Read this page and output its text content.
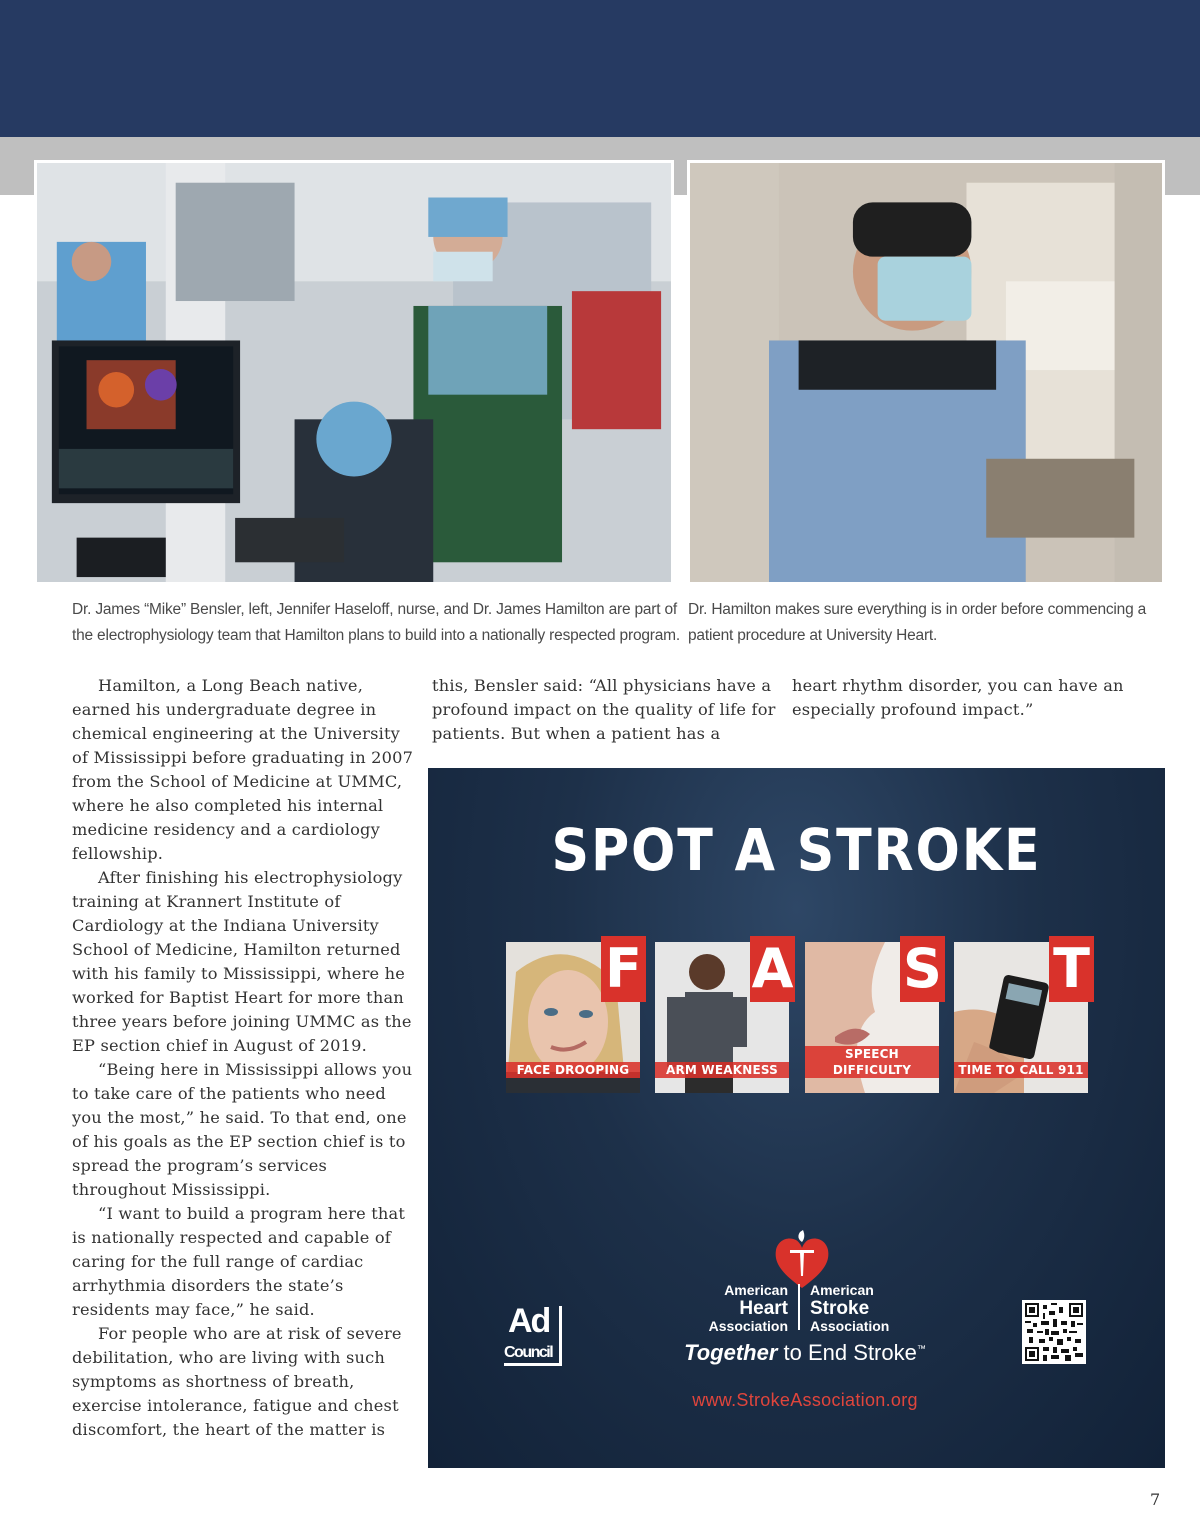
Dr. James “Mike” Bensler, left, Jennifer Haseloff, nurse, and Dr. James Hamilton are part of the electrophysiology team that Hamilton plans to build into a nationally respected program.
Dr. Hamilton makes sure everything is in order before commencing a patient procedure at University Heart.

Hamilton, a Long Beach native, earned his undergraduate degree in chemical engineering at the University of Mississippi before graduating in 2007 from the School of Medicine at UMMC, where he also completed his internal medicine residency and a cardiology fellowship.

After finishing his electrophysiology training at Krannert Institute of Cardiology at the Indiana University School of Medicine, Hamilton returned with his family to Mississippi, where he worked for Baptist Heart for more than three years before joining UMMC as the EP section chief in August of 2019.

“Being here in Mississippi allows you to take care of the patients who need you the most,” he said. To that end, one of his goals as the EP section chief is to spread the program’s services throughout Mississippi.

“I want to build a program here that is nationally respected and capable of caring for the full range of cardiac arrhythmia disorders the state’s residents may face,” he said.

For people who are at risk of severe debilitation, who are living with such symptoms as shortness of breath, exercise intolerance, fatigue and chest discomfort, the heart of the matter is

this, Bensler said: “All physicians have a profound impact on the quality of life for patients. But when a patient has a

heart rhythm disorder, you can have an especially profound impact.”

SPOT A STROKE
F
FACE DROOPING
A
ARM WEAKNESS
S
SPEECH DIFFICULTY
T
TIME TO CALL 911
American
Heart
Association
American
Stroke
Association
Together to End Stroke™
www.StrokeAssociation.org
Ad
Council
7
